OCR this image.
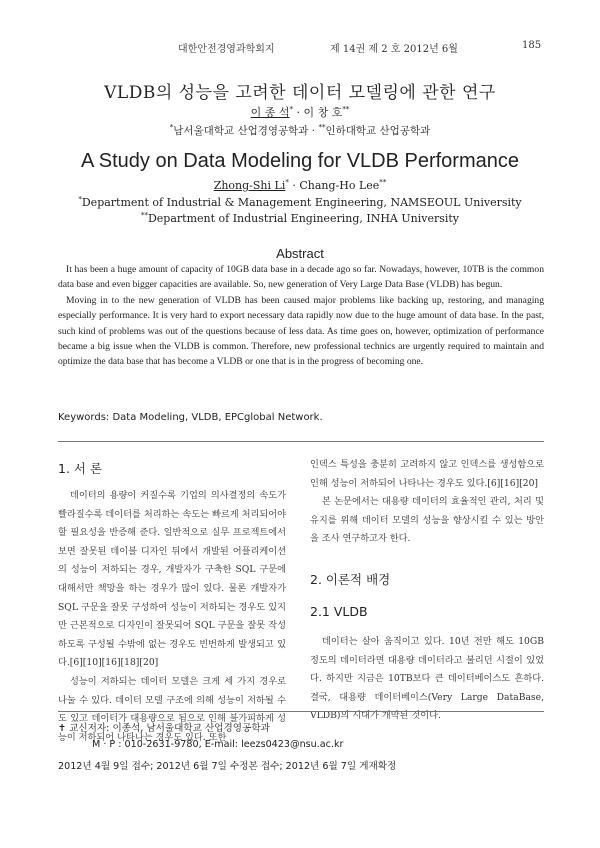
대한안전경영과학회지	제 14권 제 2 호 2012년 6월	185
VLDB의 성능을 고려한 데이터 모델링에 관한 연구
이 종 석* · 이 창 호**
*남서울대학교 산업경영공학과 · **인하대학교 산업공학과
A Study on Data Modeling for VLDB Performance
Zhong-Shi Li* · Chang-Ho Lee**
*Department of Industrial & Management Engineering, NAMSEOUL University
**Department of Industrial Engineering, INHA University
Abstract

It has been a huge amount of capacity of 10GB data base in a decade ago so far. Nowadays, however, 10TB is the common data base and even bigger capacities are available. So, new generation of Very Large Data Base (VLDB) has begun.

Moving in to the new generation of VLDB has been caused major problems like backing up, restoring, and managing especially performance. It is very hard to export necessary data rapidly now due to the huge amount of data base. In the past, such kind of problems was out of the questions because of less data. As time goes on, however, optimization of performance became a big issue when the VLDB is common. Therefore, new professional technics are urgently required to maintain and optimize the data base that has become a VLDB or one that is in the progress of becoming one.

Keywords: Data Modeling, VLDB, EPCglobal Network.
1. 서 론

데이터의 용량이 커질수록 기업의 의사결정의 속도가 빨라질수록 데이터를 처리하는 속도는 빠르게 처리되어야 할 필요성을 반증해 준다. 일반적으로 실무 프로젝트에서 보면 잘못된 데이블 디자인 뒤에서 개발된 어플리케이션의 성능이 저하되는 경우, 개발자가 구축한 SQL 구문에 대해서만 책망을 하는 경우가 많이 있다. 물론 개발자가 SQL 구문을 잘못 구성하여 성능이 저하되는 경우도 있지만 근본적으로 디자인이 잘못되어 SQL 구문을 잘못 작성하도록 구성될 수밖에 없는 경우도 빈번하게 발생되고 있다.[6][10][16][18][20]

성능이 저하되는 데이터 모델은 크게 세 가지 경우로 나눌 수 있다. 데이터 모델 구조에 의해 성능이 저하될 수도 있고 데이터가 대용량으로 됨으로 인해 불가피하게 성능이 저하되어 나타나는 경우도 있다. 또한

인덱스 특성을 충분히 고려하지 않고 인덱스를 생성함으로 인해 성능이 저하되어 나타나는 경우도 있다.[6][16][20]

본 논문에서는 대용량 데이터의 효율적인 관리, 처리 및 유지를 위해 데이터 모델의 성능을 향상시킬 수 있는 방안을 조사 연구하고자 한다.

2. 이론적 배경
2.1 VLDB

데이터는 살아 움직이고 있다. 10년 전만 해도 10GB 정도의 데이터라면 대용량 데이터라고 불리던 시절이 있었다. 하지만 지금은 10TB보다 큰 데이터베이스도 흔하다. 결국, 대용량 데이터베이스(Very Large DataBase, VLDB)의 시대가 개막된 것이다.

✝ 교신저자: 이종석, 남서울대학교 산업경영공학과
M · P : 010-2631-9780, E-mail: leezs0423@nsu.ac.kr
2012년 4월 9일 접수; 2012년 6월 7일 수정본 접수; 2012년 6월 7일 게재확정
